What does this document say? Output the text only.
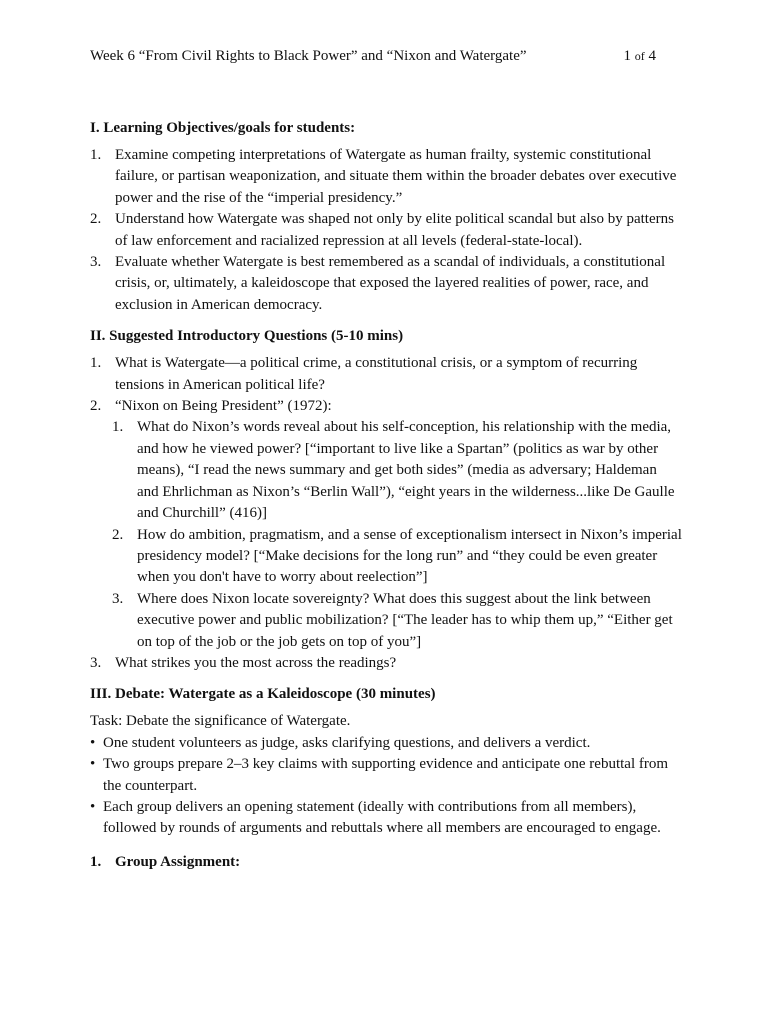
Week 6 “From Civil Rights to Black Power” and “Nixon and Watergate”	1 of 4
I. Learning Objectives/goals for students:
1. Examine competing interpretations of Watergate as human frailty, systemic constitutional failure, or partisan weaponization, and situate them within the broader debates over executive power and the rise of the “imperial presidency.”
2. Understand how Watergate was shaped not only by elite political scandal but also by patterns of law enforcement and racialized repression at all levels (federal-state-local).
3. Evaluate whether Watergate is best remembered as a scandal of individuals, a constitutional crisis, or, ultimately, a kaleidoscope that exposed the layered realities of power, race, and exclusion in American democracy.
II. Suggested Introductory Questions (5-10 mins)
1. What is Watergate—a political crime, a constitutional crisis, or a symptom of recurring tensions in American political life?
2. “Nixon on Being President” (1972):
1. What do Nixon’s words reveal about his self-conception, his relationship with the media, and how he viewed power? [“important to live like a Spartan” (politics as war by other means), “I read the news summary and get both sides” (media as adversary; Haldeman and Ehrlichman as Nixon’s “Berlin Wall”), “eight years in the wilderness...like De Gaulle and Churchill” (416)]
2. How do ambition, pragmatism, and a sense of exceptionalism intersect in Nixon’s imperial presidency model? [“Make decisions for the long run” and “they could be even greater when you don't have to worry about reelection”]
3. Where does Nixon locate sovereignty? What does this suggest about the link between executive power and public mobilization? [“The leader has to whip them up,” “Either get on top of the job or the job gets on top of you”]
3. What strikes you the most across the readings?
III. Debate: Watergate as a Kaleidoscope (30 minutes)

Task: Debate the significance of Watergate.

• One student volunteers as judge, asks clarifying questions, and delivers a verdict.
• Two groups prepare 2–3 key claims with supporting evidence and anticipate one rebuttal from the counterpart.
• Each group delivers an opening statement (ideally with contributions from all members), followed by rounds of arguments and rebuttals where all members are encouraged to engage.
1. Group Assignment:
